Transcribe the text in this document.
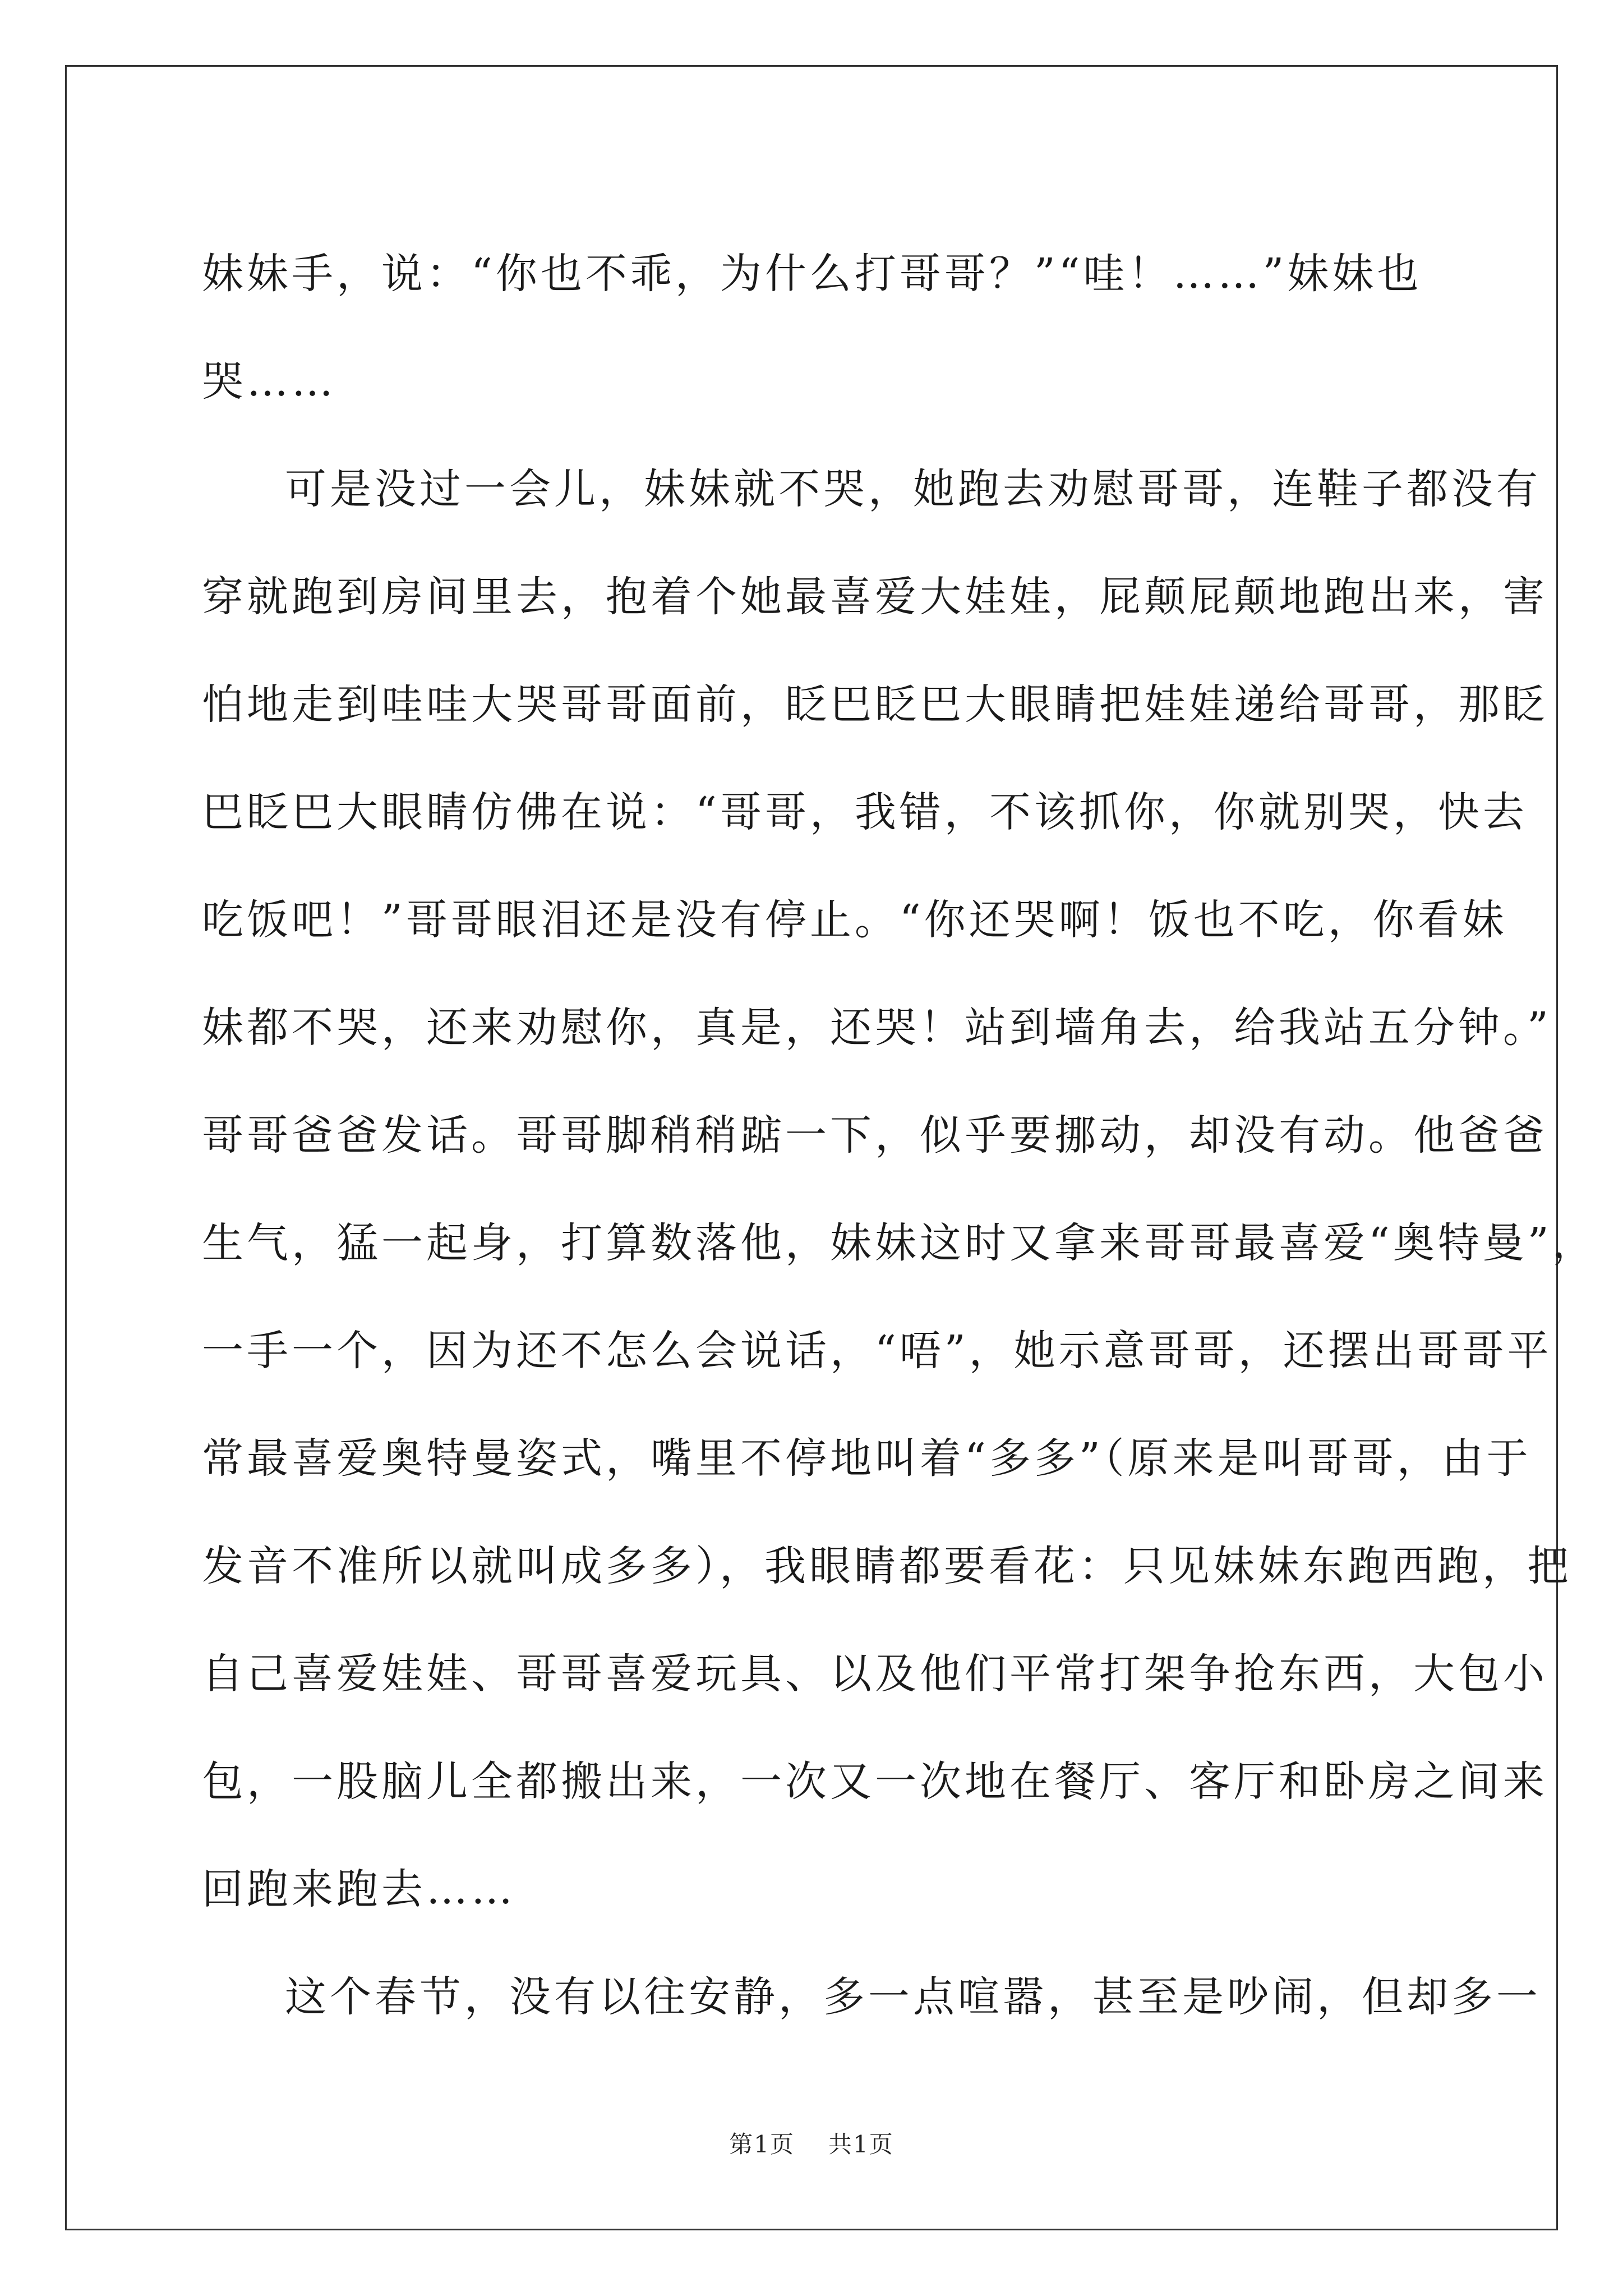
妹妹手，说：“你也不乖，为什么打哥哥？”“哇！……”妹妹也
哭……
可是没过一会儿，妹妹就不哭，她跑去劝慰哥哥，连鞋子都没有
穿就跑到房间里去，抱着个她最喜爱大娃娃，屁颠屁颠地跑出来，害
怕地走到哇哇大哭哥哥面前，眨巴眨巴大眼睛把娃娃递给哥哥，那眨
巴眨巴大眼睛仿佛在说：“哥哥，我错，不该抓你，你就别哭，快去
吃饭吧！”哥哥眼泪还是没有停止。“你还哭啊！饭也不吃，你看妹
妹都不哭，还来劝慰你，真是，还哭！站到墙角去，给我站五分钟。”
哥哥爸爸发话。哥哥脚稍稍踮一下，似乎要挪动，却没有动。他爸爸
生气，猛一起身，打算数落他，妹妹这时又拿来哥哥最喜爱“奥特曼”，
一手一个，因为还不怎么会说话，“唔”，她示意哥哥，还摆出哥哥平
常最喜爱奥特曼姿式，嘴里不停地叫着“多多”（原来是叫哥哥，由于
发音不准所以就叫成多多），我眼睛都要看花：只见妹妹东跑西跑，把
自己喜爱娃娃、哥哥喜爱玩具、以及他们平常打架争抢东西，大包小
包，一股脑儿全都搬出来，一次又一次地在餐厅、客厅和卧房之间来
回跑来跑去……
这个春节，没有以往安静，多一点喧嚣，甚至是吵闹，但却多一
第1页 共1页
